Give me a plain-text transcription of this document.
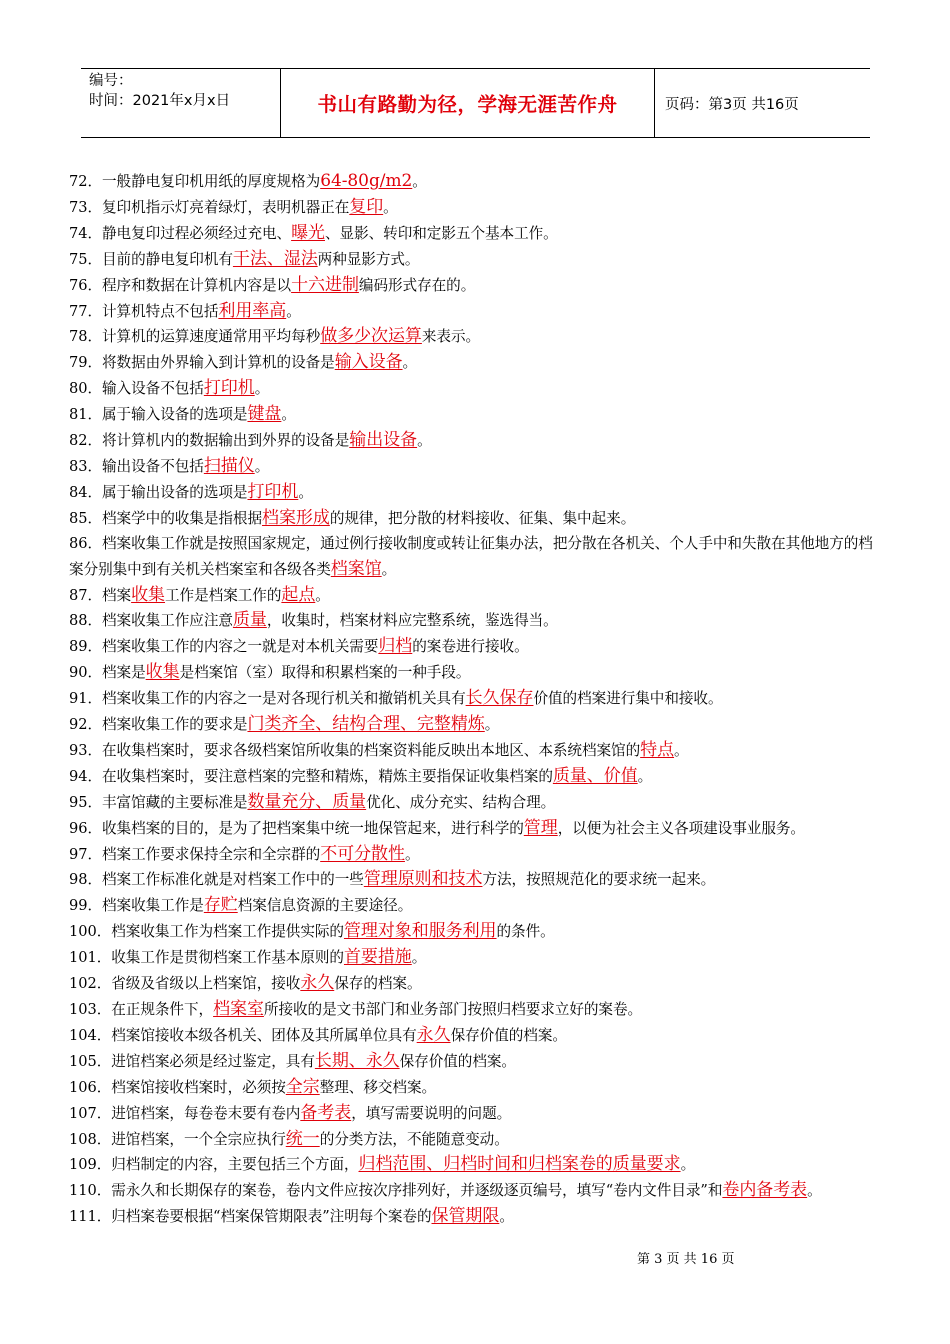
编号：
时间：2021年x月x日	书山有路勤为径，学海无涯苦作舟	页码：第3页 共16页
72．一般静电复印机用纸的厚度规格为64-80g/m2。
73．复印机指示灯亮着绿灯，表明机器正在复印。
74．静电复印过程必须经过充电、曝光、显影、转印和定影五个基本工作。
75．目前的静电复印机有干法、湿法两种显影方式。
76．程序和数据在计算机内容是以十六进制编码形式存在的。
77．计算机特点不包括利用率高。
78．计算机的运算速度通常用平均每秒做多少次运算来表示。
79．将数据由外界输入到计算机的设备是输入设备。
80．输入设备不包括打印机。
81．属于输入设备的选项是键盘。
82．将计算机内的数据输出到外界的设备是输出设备。
83．输出设备不包括扫描仪。
84．属于输出设备的选项是打印机。
85．档案学中的收集是指根据档案形成的规律，把分散的材料接收、征集、集中起来。
86．档案收集工作就是按照国家规定，通过例行接收制度或转让征集办法，把分散在各机关、个人手中和失散在其他地方的档案分别集中到有关机关档案室和各级各类档案馆。
87．档案收集工作是档案工作的起点。
88．档案收集工作应注意质量，收集时，档案材料应完整系统，鉴选得当。
89．档案收集工作的内容之一就是对本机关需要归档的案卷进行接收。
90．档案是收集是档案馆（室）取得和积累档案的一种手段。
91．档案收集工作的内容之一是对各现行机关和撤销机关具有长久保存价值的档案进行集中和接收。
92．档案收集工作的要求是门类齐全、结构合理、完整精炼。
93．在收集档案时，要求各级档案馆所收集的档案资料能反映出本地区、本系统档案馆的特点。
94．在收集档案时，要注意档案的完整和精炼，精炼主要指保证收集档案的质量、价值。
95．丰富馆藏的主要标准是数量充分、质量优化、成分充实、结构合理。
96．收集档案的目的，是为了把档案集中统一地保管起来，进行科学的管理，以便为社会主义各项建设事业服务。
97．档案工作要求保持全宗和全宗群的不可分散性。
98．档案工作标准化就是对档案工作中的一些管理原则和技术方法，按照规范化的要求统一起来。
99．档案收集工作是存贮档案信息资源的主要途径。
100．档案收集工作为档案工作提供实际的管理对象和服务利用的条件。
101．收集工作是贯彻档案工作基本原则的首要措施。
102．省级及省级以上档案馆，接收永久保存的档案。
103．在正规条件下，档案室所接收的是文书部门和业务部门按照归档要求立好的案卷。
104．档案馆接收本级各机关、团体及其所属单位具有永久保存价值的档案。
105．进馆档案必须是经过鉴定，具有长期、永久保存价值的档案。
106．档案馆接收档案时，必须按全宗整理、移交档案。
107．进馆档案，每卷卷末要有卷内备考表，填写需要说明的问题。
108．进馆档案，一个全宗应执行统一的分类方法，不能随意变动。
109．归档制定的内容，主要包括三个方面，归档范围、归档时间和归档案卷的质量要求。
110．需永久和长期保存的案卷，卷内文件应按次序排列好，并逐级逐页编号，填写“卷内文件目录”和卷内备考表。
111．归档案卷要根据“档案保管期限表”注明每个案卷的保管期限。
第 3 页 共 16 页
